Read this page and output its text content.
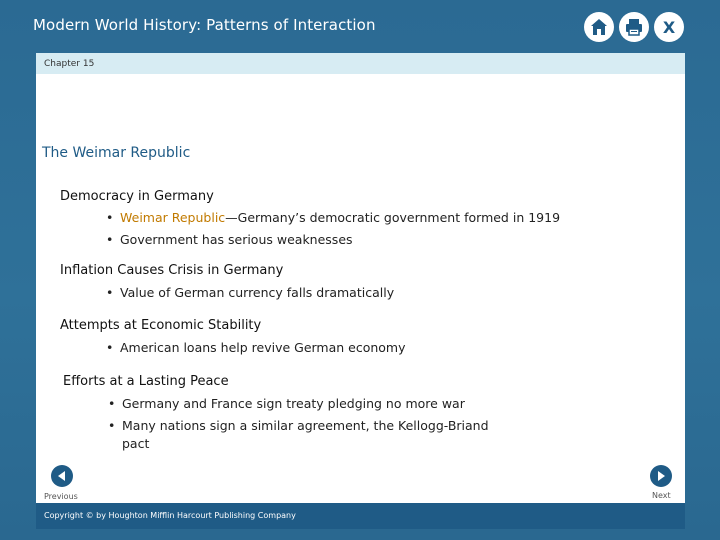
Modern World History: Patterns of Interaction	X
Chapter 15
The Weimar Republic
Democracy in Germany
• Weimar Republic—Germany’s democratic government formed in 1919
• Government has serious weaknesses
Inflation Causes Crisis in Germany
• Value of German currency falls dramatically
Attempts at Economic Stability
• American loans help revive German economy
Efforts at a Lasting Peace
• Germany and France sign treaty pledging no more war
• Many nations sign a similar agreement, the Kellogg-Briand
pact
Previous	Next
Copyright © by Houghton Mifflin Harcourt Publishing Company
